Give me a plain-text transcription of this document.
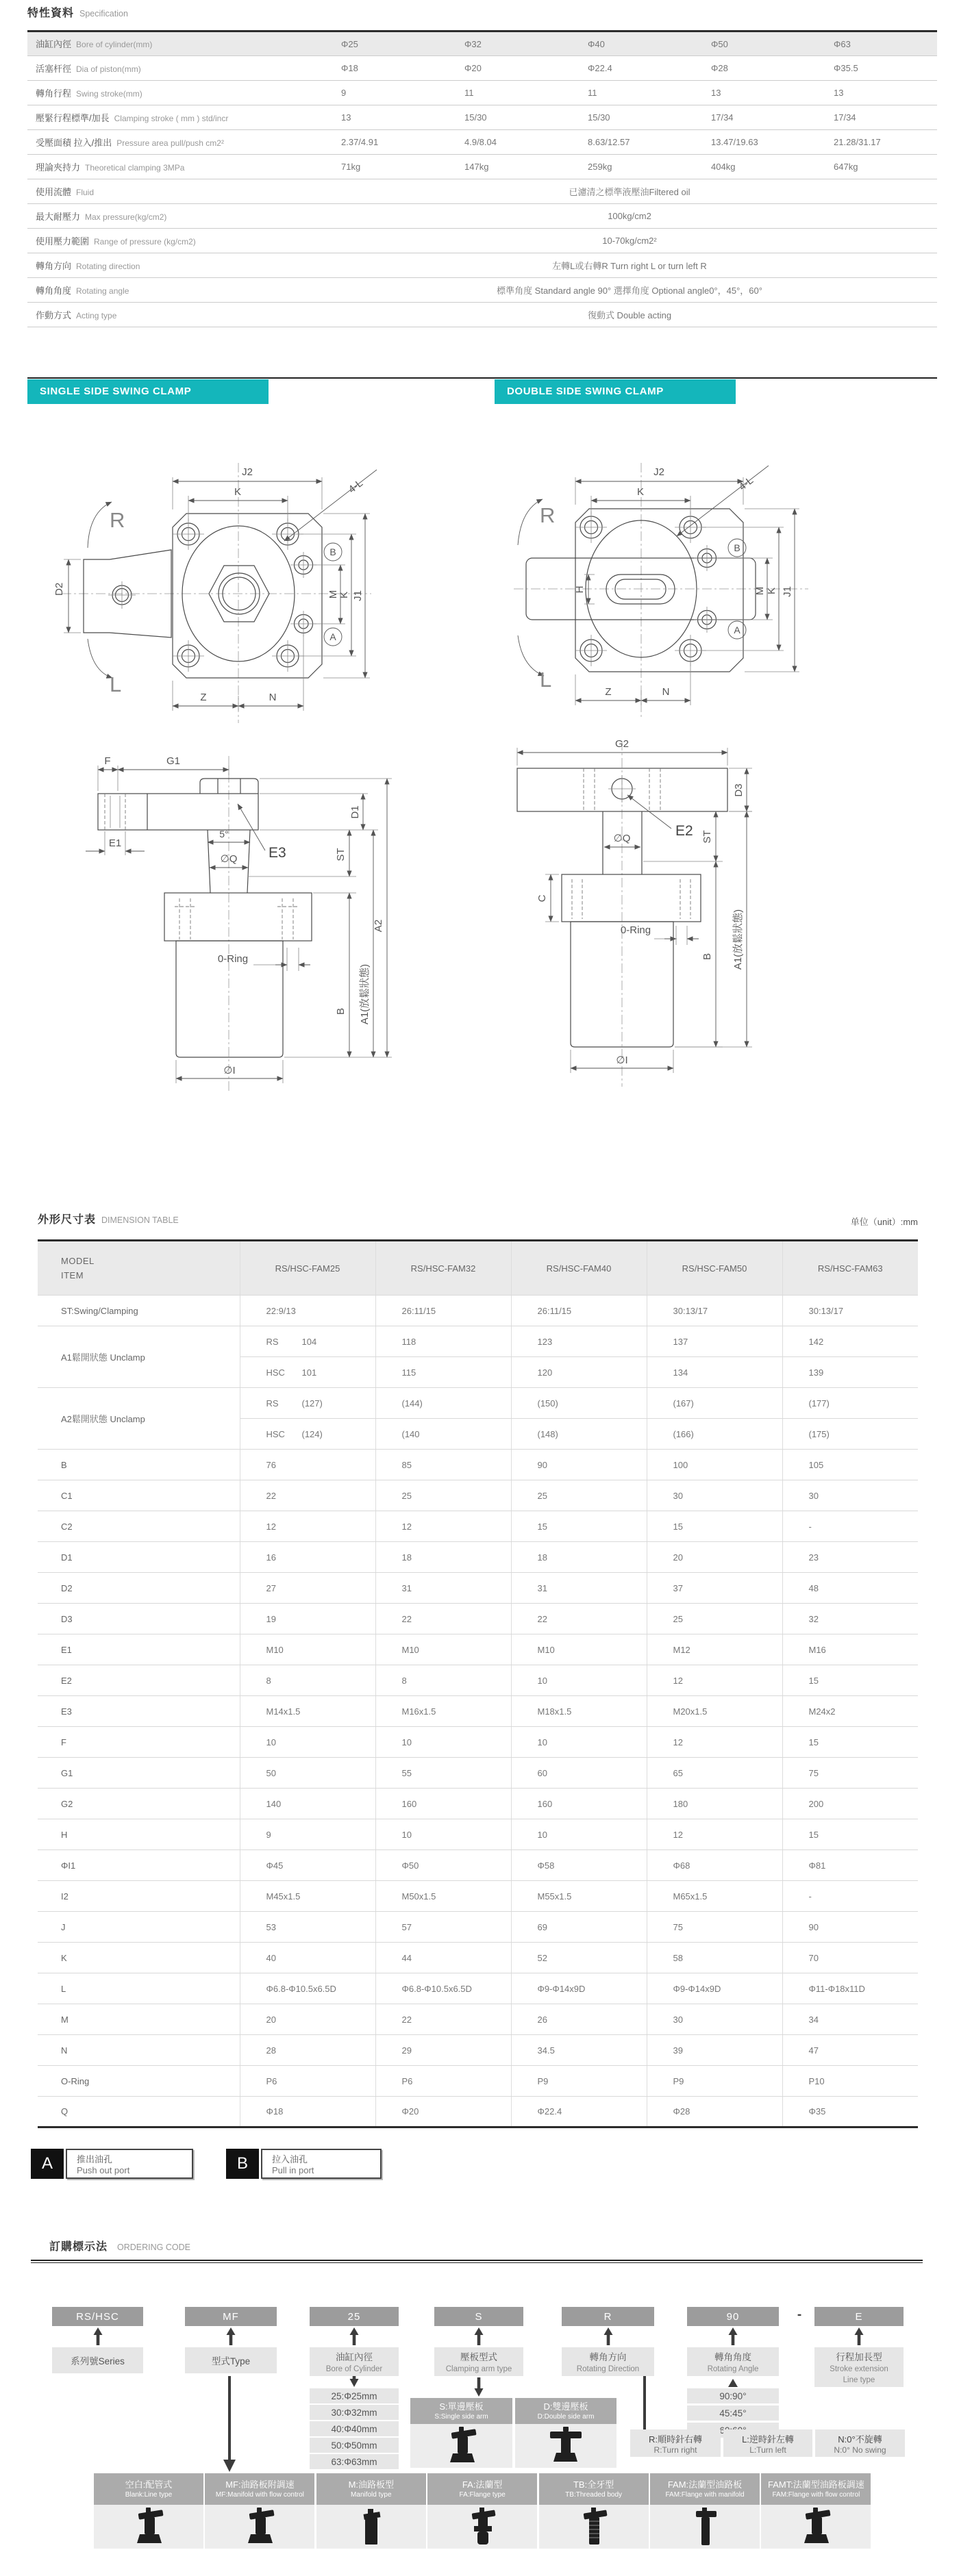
特性資料 Specification
油缸內徑 Bore of cylinder(mm)	Φ25	Φ32	Φ40	Φ50	Φ63
活塞杆徑 Dia of piston(mm)	Φ18	Φ20	Φ22.4	Φ28	Φ35.5
轉角行程 Swing stroke(mm)	9	11	11	13	13
壓緊行程標準/加長 Clamping stroke ( mm ) std/incr	13	15/30	15/30	17/34	17/34
受壓面積 拉入/推出 Pressure area pull/push cm2²	2.37/4.91	4.9/8.04	8.63/12.57	13.47/19.63	21.28/31.17
理論夾持力 Theoretical clamping 3MPa	71kg	147kg	259kg	404kg	647kg
使用流體 Fluid	已濾清之標準液壓油Filtered oil				
最大耐壓力 Max pressure(kg/cm2)	100kg/cm2				
使用壓力範圍 Range of pressure (kg/cm2)	10-70kg/cm2²				
轉角方向 Rotating direction	左轉L或右轉R Turn right L or turn left R				
轉角角度 Rotating angle	標準角度 Standard angle 90° 選擇角度 Optional angle0°，45°，60°				
作動方式 Acting type	復動式 Double acting				
SINGLE SIDE SWING CLAMP	DOUBLE SIDE SWING CLAMP
R
L
J2
K	4-L
B
A
M K J1
Z	N
D2
R
L
J2
K	4-L
B
A
H	M K J1
Z	N
5°
∅Q E3
0-Ring
F	G1
E1
D1
ST
B A1(放鬆狀態)
A2
∅I
E2
∅Q
0-Ring
G2
D3
ST
C
B A1(放鬆狀態)
∅I
外形尺寸表 DIMENSION TABLE	单位（unit）:mm
MODEL
ITEM	RS/HSC-FAM25	RS/HSC-FAM32	RS/HSC-FAM40	RS/HSC-FAM50	RS/HSC-FAM63
ST:Swing/Clamping	22:9/13	26:11/15	26:11/15	30:13/17	30:13/17
A1鬆開狀態 Unclamp	RS 104	118	123	137	142
	HSC 101	115	120	134	139
A2鬆開狀態 Unclamp	RS (127)	(144)	(150)	(167)	(177)
	HSC (124)	(140	(148)	(166)	(175)
B	76	85	90	100	105
C1	22	25	25	30	30
C2	12	12	15	15	-
D1	16	18	18	20	23
D2	27	31	31	37	48
D3	19	22	22	25	32
E1	M10	M10	M10	M12	M16
E2	8	8	10	12	15
E3	M14x1.5	M16x1.5	M18x1.5	M20x1.5	M24x2
F	10	10	10	12	15
G1	50	55	60	65	75
G2	140	160	160	180	200
H	9	10	10	12	15
ΦI1	Φ45	Φ50	Φ58	Φ68	Φ81
I2	M45x1.5	M50x1.5	M55x1.5	M65x1.5	-
J	53	57	69	75	90
K	40	44	52	58	70
L	Φ6.8-Φ10.5x6.5D	Φ6.8-Φ10.5x6.5D	Φ9-Φ14x9D	Φ9-Φ14x9D	Φ11-Φ18x11D
M	20	22	26	30	34
N	28	29	34.5	39	47
O-Ring	P6	P6	P9	P9	P10
Q	Φ18	Φ20	Φ22.4	Φ28	Φ35
A	推出油孔
Push out port	B	拉入油孔
Pull in port
訂購標示法 ORDERING CODE
RS/HSC
系列號Series
MF
型式Type
25
油缸內徑
Bore of Cylinder
S
壓板型式
Clamping arm type
R
轉角方向
Rotating Direction
90
轉角角度
Rotating Angle
E
行程加長型
Stroke extension
Line type
-
25:Φ25mm
30:Φ32mm
40:Φ40mm
50:Φ50mm
63:Φ63mm
90:90°
45:45°
S:單邊壓板
S:Single side arm
D:雙邊壓板
D:Double side arm
R:順時針右轉
R:Turn right
L:逆時針左轉
L:Turn left
N:0°不旋轉
N:0° No swing
空白:配管式
Blank:Line type
MF:油路板附調速
MF:Manifold with flow control
M:油路板型
Manifold type
FA:法蘭型
FA:Flange type
TB:全牙型
TB:Threaded body
FAM:法蘭型油路板
FAM:Flange with manifold
FAMT:法蘭型油路板調速
FAM:Flange with flow control
